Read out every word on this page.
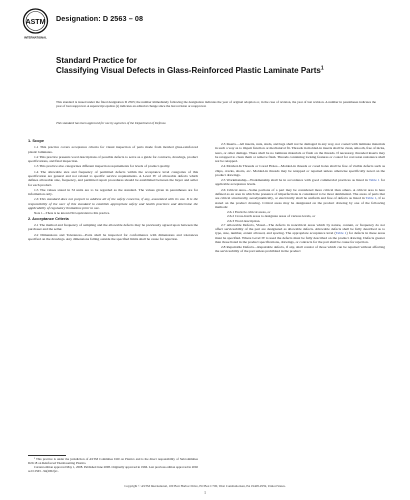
ASTM
INTERNATIONAL
Designation: D 2563 – 08
Standard Practice for
Classifying Visual Defects in Glass-Reinforced Plastic Laminate Parts$^1$
This standard is issued under the fixed designation D 2563; the number immediately following the designation indicates the year of original adoption or, in the case of revision, the year of last revision. A number in parentheses indicates the year of last reapproval. A superscript epsilon (ε) indicates an editorial change since the last revision or reapproval.
This standard has been approved for use by agencies of the Department of Defense.
1. Scope

1.1 This practice covers acceptance criteria for visual inspection of parts made from molded glass-reinforced plastic laminates.

1.2 This practice presents word descriptions of possible defects to serve as a guide for contracts, drawings, product specifications, and final inspection.

1.3 This practice also categorizes different inspection requirements for levels of product quality.

1.4 The allowable size and frequency of permitted defects within the acceptance level categories of this specification are general and not related to specific service requirements. A Level IV of allowable defects which defines allowable size, frequency, and permitted repair procedures should be established between the buyer and seller for each product.

1.5 The values stated in SI units are to be regarded as the standard. The values given in parentheses are for information only.

1.6 This standard does not purport to address all of the safety concerns, if any, associated with its use. It is the responsibility of the user of this standard to establish appropriate safety and health practices and determine the applicability of regulatory limitations prior to use.

Note 1—There is no known ISO equivalent to this practice.

2. Acceptance Criteria

2.1 The method and frequency of sampling and the allowable defects may be previously agreed upon between the purchaser and the seller.

2.2 Dimensions and Tolerances—Parts shall be inspected for conformance with dimensions and tolerances specified on the drawings. Any dimensions falling outside the specified limits shall be cause for rejection.

2.3 Inserts—All inserts, nuts, studs, and lugs shall not be damaged in any way, nor coated with laminate materials in such a way as to impair function or mechanical fit. Threads in molded-in inserts shall be clean, smooth, free of nicks, tears, or other damage. There shall be no laminate materials or flash on the threads. If necessary, threaded inserts may be retapped to clean them or remove flash. Threads containing locking features or coated for corrosion resistance shall not be retapped.

2.4 Molded-In Threads or Cored Holes—Molded-in threads or cored holes shall be free of visible defects such as chips, cracks, shorts, etc. Molded-in threads may be retapped or repaired unless otherwise specifically noted on the product drawings.

2.5 Workmanship—Workmanship shall be in accordance with good commercial practices as listed in Table 1 for applicable acceptance levels.

2.6 Critical Area—Some portions of a part may be considered more critical than others. A critical area is here defined as an area in which the presence of imperfections is considered to be most detrimental. The areas of parts that are critical structurally, aerodynamically, or electrically shall be uniform and free of defects as listed in Table 1, if so stated on the product drawing. Critical areas may be designated on the product drawing by one of the following methods:

2.6.1 Encircle critical areas, or

2.6.2 Cross-hatch areas to designate areas of various levels, or

2.6.3 Word description.

2.7 Allowable Defects, Visual—The defects in noncritical areas which by nature, content, or frequency do not affect serviceability of the part are designated as allowable defects. Allowable defects shall be fully described as to type, size, number, extent allowed, and spacing. The appropriate acceptance level (Table 1) for defects in these areas must be specified. Where Level IV is used the defects must be fully described on the product drawing. Defects greater than those listed in the product specifications, drawings, or contracts for the part shall be cause for rejection.

2.8 Repairable Defects—Repairable defects, if any, shall consist of those which can be repaired without affecting the serviceability of the part unless prohibited in the product

¹ This practice is under the jurisdiction of ASTM Committee D20 on Plastics and is the direct responsibility of Subcommittee D20.18 on Reinforced Thermosetting Plastics.

Current edition approved May 1, 2008. Published June 2008. Originally approved in 1966. Last previous edition approved in 2002 as D 2563 - 94(2002)ε1.

Copyright © ASTM International, 100 Barr Harbor Drive, PO Box C700, West Conshohocken, PA 19428-2959, United States.
1
